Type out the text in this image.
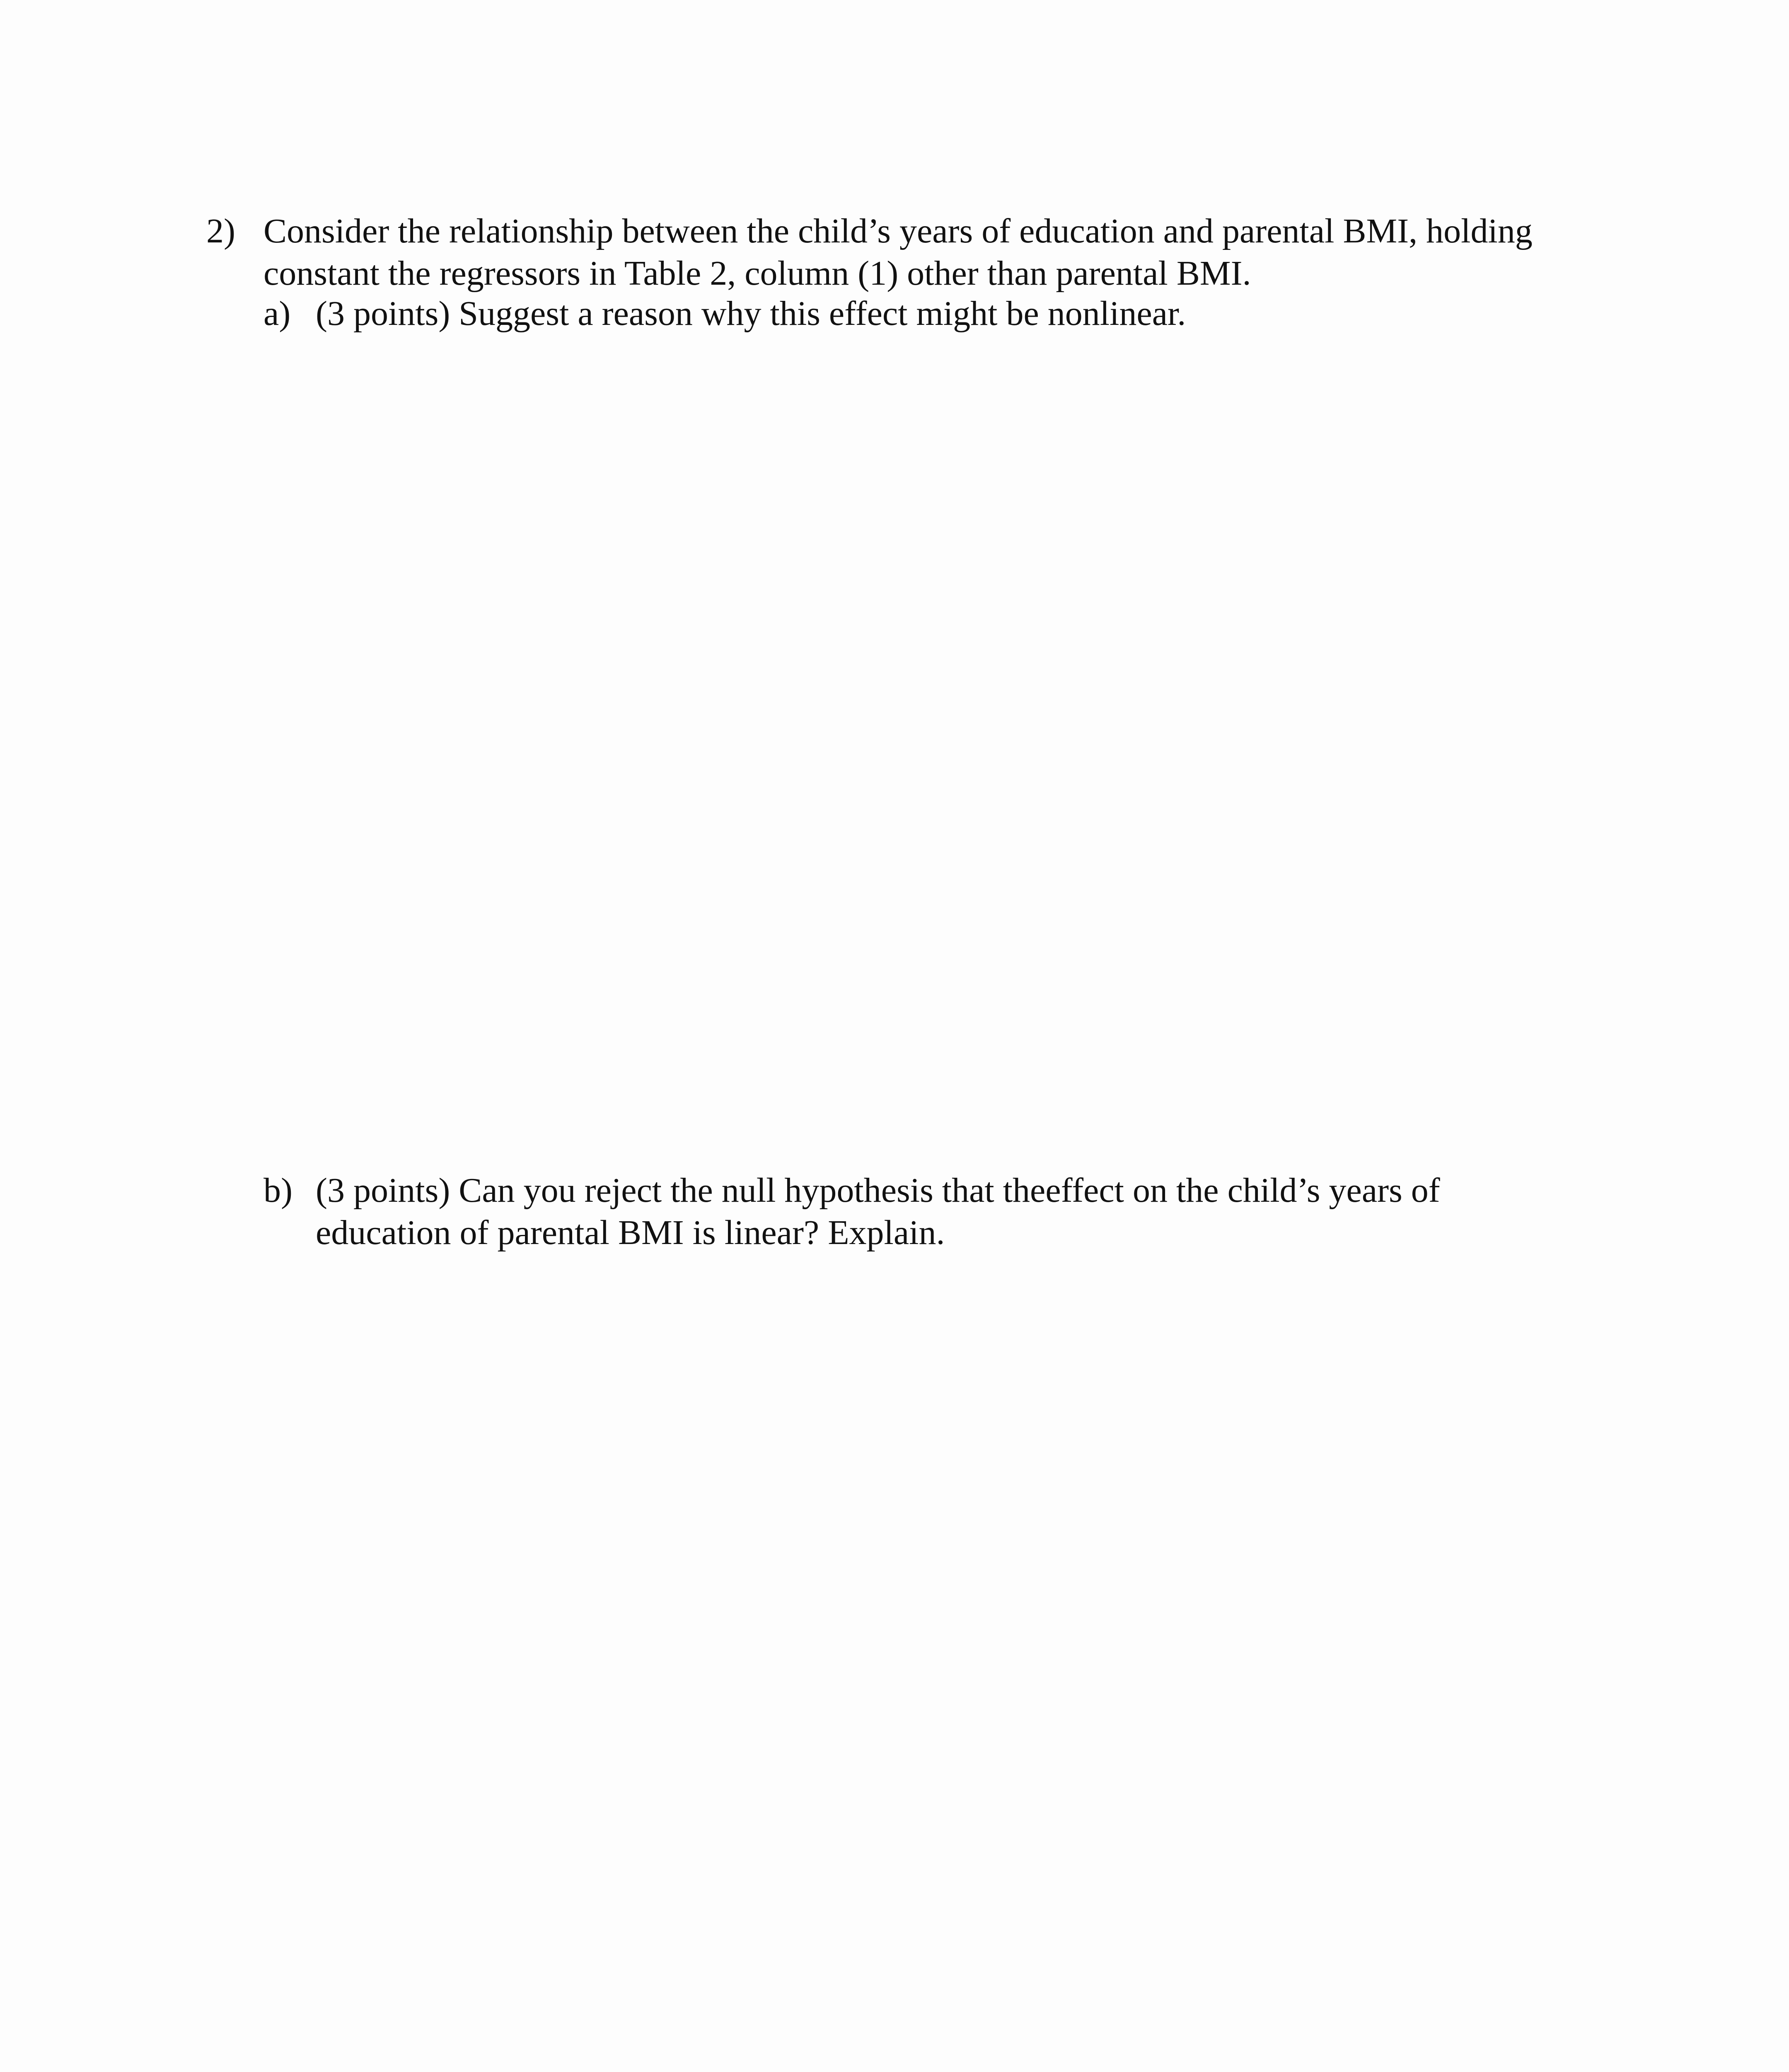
2) Consider the relationship between the child’s years of education and parental BMI, holding
constant the regressors in Table 2, column (1) other than parental BMI.
a) (3 points) Suggest a reason why this effect might be nonlinear.
b) (3 points) Can you reject the null hypothesis that theeffect on the child’s years of
education of parental BMI is linear? Explain.
